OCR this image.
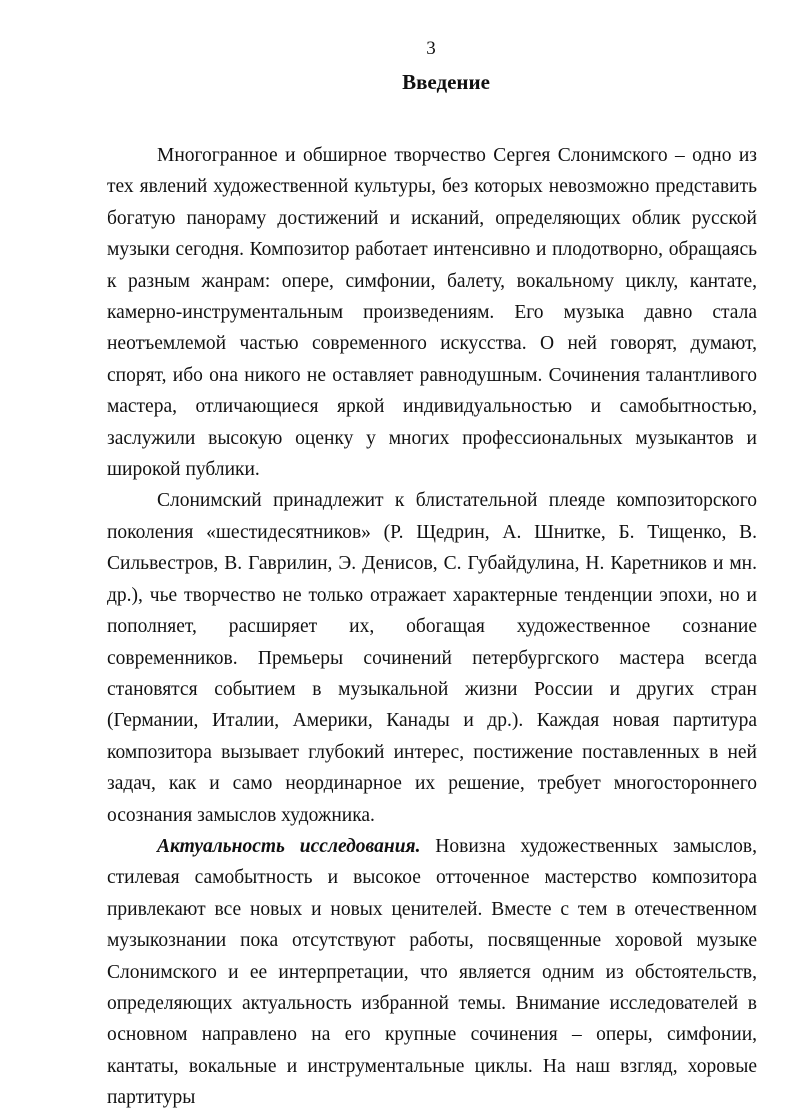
3
Введение

Многогранное и обширное творчество Сергея Слонимского – одно из тех явлений художественной культуры, без которых невозможно представить богатую панораму достижений и исканий, определяющих облик русской музыки сегодня. Композитор работает интенсивно и плодотворно, обращаясь к разным жанрам: опере, симфонии, балету, вокальному циклу, кантате, камерно-инструментальным произведениям. Его музыка давно стала неотъемлемой частью современного искусства. О ней говорят, думают, спорят, ибо она никого не оставляет равнодушным. Сочинения талантливого мастера, отличающиеся яркой индивидуальностью и самобытностью, заслужили высокую оценку у многих профессиональных музыкантов и широкой публики.

Слонимский принадлежит к блистательной плеяде композиторского поколения «шестидесятников» (Р. Щедрин, А. Шнитке, Б. Тищенко, В. Сильвестров, В. Гаврилин, Э. Денисов, С. Губайдулина, Н. Каретников и мн. др.), чье творчество не только отражает характерные тенденции эпохи, но и пополняет, расширяет их, обогащая художественное сознание современников. Премьеры сочинений петербургского мастера всегда становятся событием в музыкальной жизни России и других стран (Германии, Италии, Америки, Канады и др.). Каждая новая партитура композитора вызывает глубокий интерес, постижение поставленных в ней задач, как и само неординарное их решение, требует многостороннего осознания замыслов художника.

Актуальность исследования. Новизна художественных замыслов, стилевая самобытность и высокое отточенное мастерство композитора привлекают все новых и новых ценителей. Вместе с тем в отечественном музыкознании пока отсутствуют работы, посвященные хоровой музыке Слонимского и ее интерпретации, что является одним из обстоятельств, определяющих актуальность избранной темы. Внимание исследователей в основном направлено на его крупные сочинения – оперы, симфонии, кантаты, вокальные и инструментальные циклы. На наш взгляд, хоровые партитуры
